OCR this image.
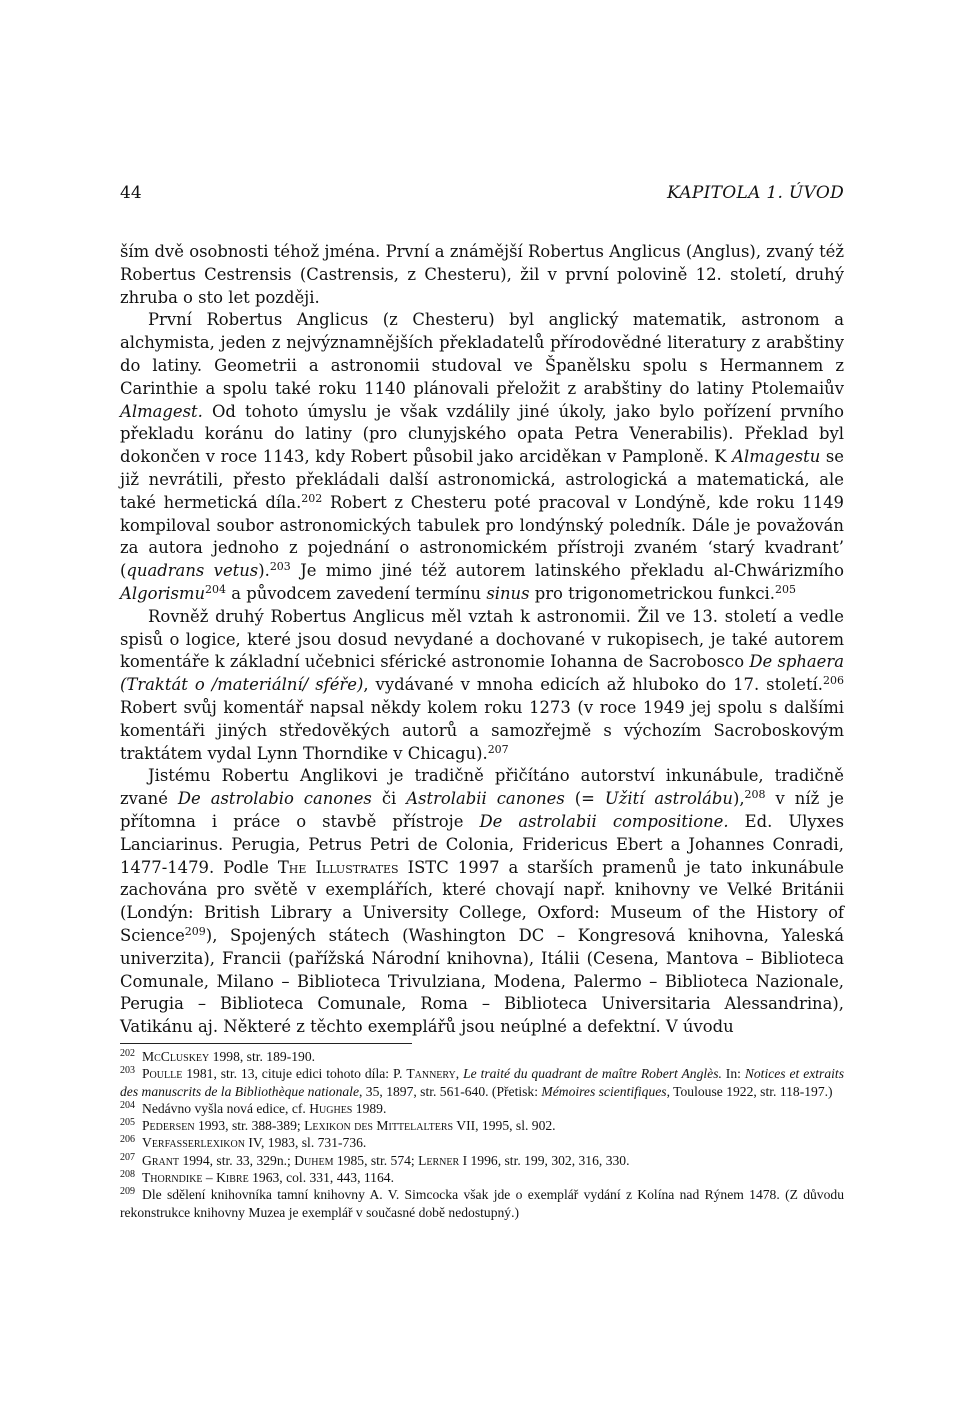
44	KAPITOLA 1. ÚVOD

ším dvě osobnosti téhož jména. První a známější Robertus Anglicus (Anglus), zvaný též Robertus Cestrensis (Castrensis, z Chesteru), žil v první polovině 12. století, druhý zhruba o sto let později.

První Robertus Anglicus (z Chesteru) byl anglický matematik, astronom a alchymista, jeden z nejvýznamnějších překladatelů přírodovědné literatury z arabštiny do latiny. Geometrii a astronomii studoval ve Španělsku spolu s Hermannem z Carinthie a spolu také roku 1140 plánovali přeložit z arabštiny do latiny Ptolemaiův Almagest. Od tohoto úmyslu je však vzdálily jiné úkoly, jako bylo pořízení prvního překladu koránu do latiny (pro clunyjského opata Petra Venerabilis). Překlad byl dokončen v roce 1143, kdy Robert působil jako arciděkan v Pamploně. K Almagestu se již nevrátili, přesto překládali další astronomická, astrologická a matematická, ale také hermetická díla.$^{202}$ Robert z Chesteru poté pracoval v Londýně, kde roku 1149 kompiloval soubor astronomických tabulek pro londýnský poledník. Dále je považován za autora jednoho z pojednání o astronomickém přístroji zvaném ‘starý kvadrant’ (quadrans vetus).$^{203}$ Je mimo jiné též autorem latinského překladu al-Chwárizmího Algorismu$^{204}$ a původcem zavedení termínu sinus pro trigonometrickou funkci.$^{205}$

Rovněž druhý Robertus Anglicus měl vztah k astronomii. Žil ve 13. století a vedle spisů o logice, které jsou dosud nevydané a dochované v rukopisech, je také autorem komentáře k základní učebnici sférické astronomie Iohanna de Sacrobosco De sphaera (Traktát o /materiální/ sféře), vydávané v mnoha edicích až hluboko do 17. století.$^{206}$ Robert svůj komentář napsal někdy kolem roku 1273 (v roce 1949 jej spolu s dalšími komentáři jiných středověkých autorů a samozřejmě s výchozím Sacroboskovým traktátem vydal Lynn Thorndike v Chicagu).$^{207}$

Jistému Robertu Anglikovi je tradičně přičítáno autorství inkunábule, tradičně zvané De astrolabio canones či Astrolabii canones (= Užití astrolábu),$^{208}$ v níž je přítomna i práce o stavbě přístroje De astrolabii compositione. Ed. Ulyxes Lanciarinus. Perugia, Petrus Petri de Colonia, Fridericus Ebert a Johannes Conradi, 1477-1479. Podle The Illustrates ISTC 1997 a starších pramenů je tato inkunábule zachována pro světě v exemplářích, které chovají např. knihovny ve Velké Británii (Londýn: British Library a University College, Oxford: Museum of the History of Science$^{209}$), Spojených státech (Washington DC – Kongresová knihovna, Yaleská univerzita), Francii (pařížská Národní knihovna), Itálii (Cesena, Mantova – Biblioteca Comunale, Milano – Biblioteca Trivulziana, Modena, Palermo – Biblioteca Nazionale, Perugia – Biblioteca Comunale, Roma – Biblioteca Universitaria Alessandrina), Vatikánu aj. Některé z těchto exemplářů jsou neúplné a defektní. V úvodu

202 McCluskey 1998, str. 189-190.

203 Poulle 1981, str. 13, cituje edici tohoto díla: P. Tannery, Le traité du quadrant de maître Robert Anglès. In: Notices et extraits des manuscrits de la Bibliothèque nationale, 35, 1897, str. 561-640. (Přetisk: Mémoires scientifiques, Toulouse 1922, str. 118-197.)

204 Nedávno vyšla nová edice, cf. Hughes 1989.

205 Pedersen 1993, str. 388-389; Lexikon des Mittelalters VII, 1995, sl. 902.

206 Verfasserlexikon IV, 1983, sl. 731-736.

207 Grant 1994, str. 33, 329n.; Duhem 1985, str. 574; Lerner I 1996, str. 199, 302, 316, 330.

208 Thorndike – Kibre 1963, col. 331, 443, 1164.

209 Dle sdělení knihovníka tamní knihovny A. V. Simcocka však jde o exemplář vydání z Kolína nad Rýnem 1478. (Z důvodu rekonstrukce knihovny Muzea je exemplář v současné době nedostupný.)
